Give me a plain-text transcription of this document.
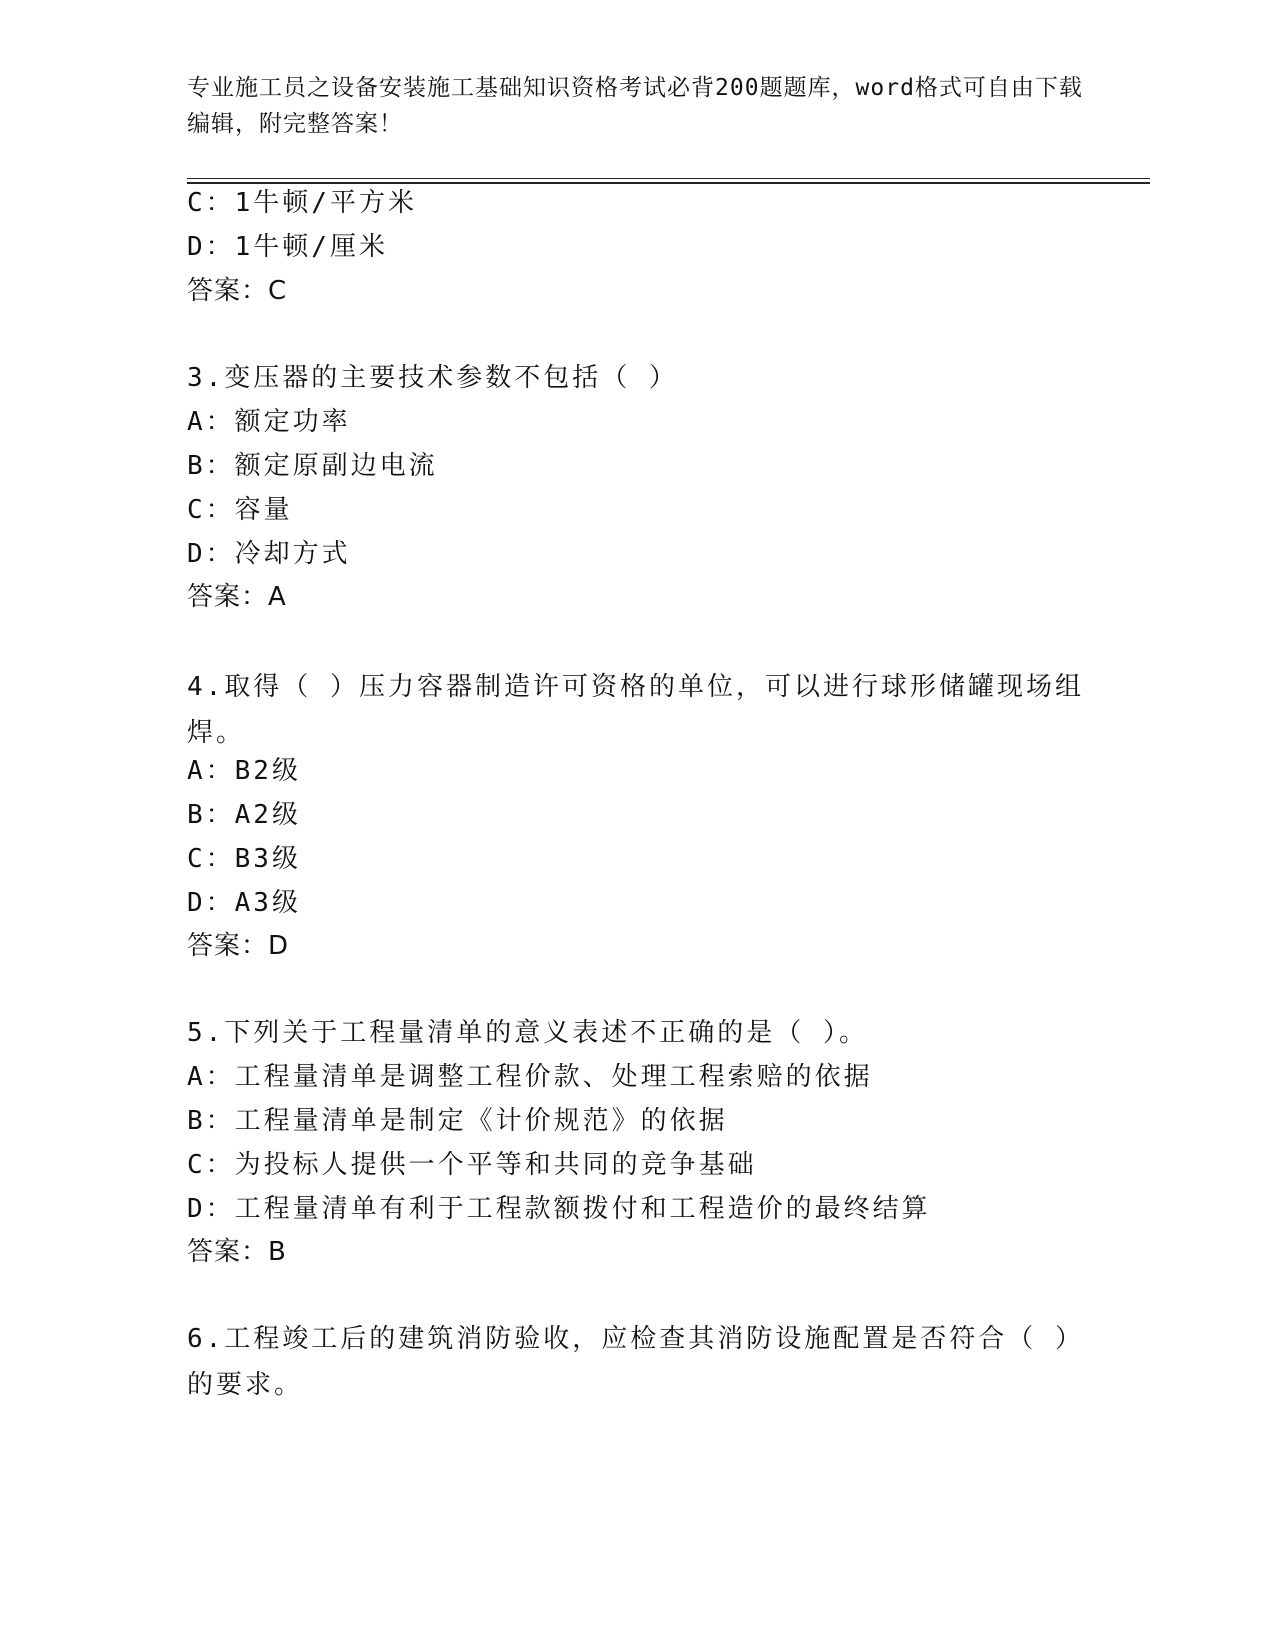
专业施工员之设备安装施工基础知识资格考试必背200题题库，word格式可自由下载编辑，附完整答案！
C：1牛顿/平方米
D：1牛顿/厘米
答案：C
3.变压器的主要技术参数不包括（ ）
A：额定功率
B：额定原副边电流
C：容量
D：冷却方式
答案：A
4.取得（ ）压力容器制造许可资格的单位，可以进行球形储罐现场组焊。
A：B2级
B：A2级
C：B3级
D：A3级
答案：D
5.下列关于工程量清单的意义表述不正确的是（ ）。
A：工程量清单是调整工程价款、处理工程索赔的依据
B：工程量清单是制定《计价规范》的依据
C：为投标人提供一个平等和共同的竞争基础
D：工程量清单有利于工程款额拨付和工程造价的最终结算
答案：B
6.工程竣工后的建筑消防验收，应检查其消防设施配置是否符合（ ）的要求。
